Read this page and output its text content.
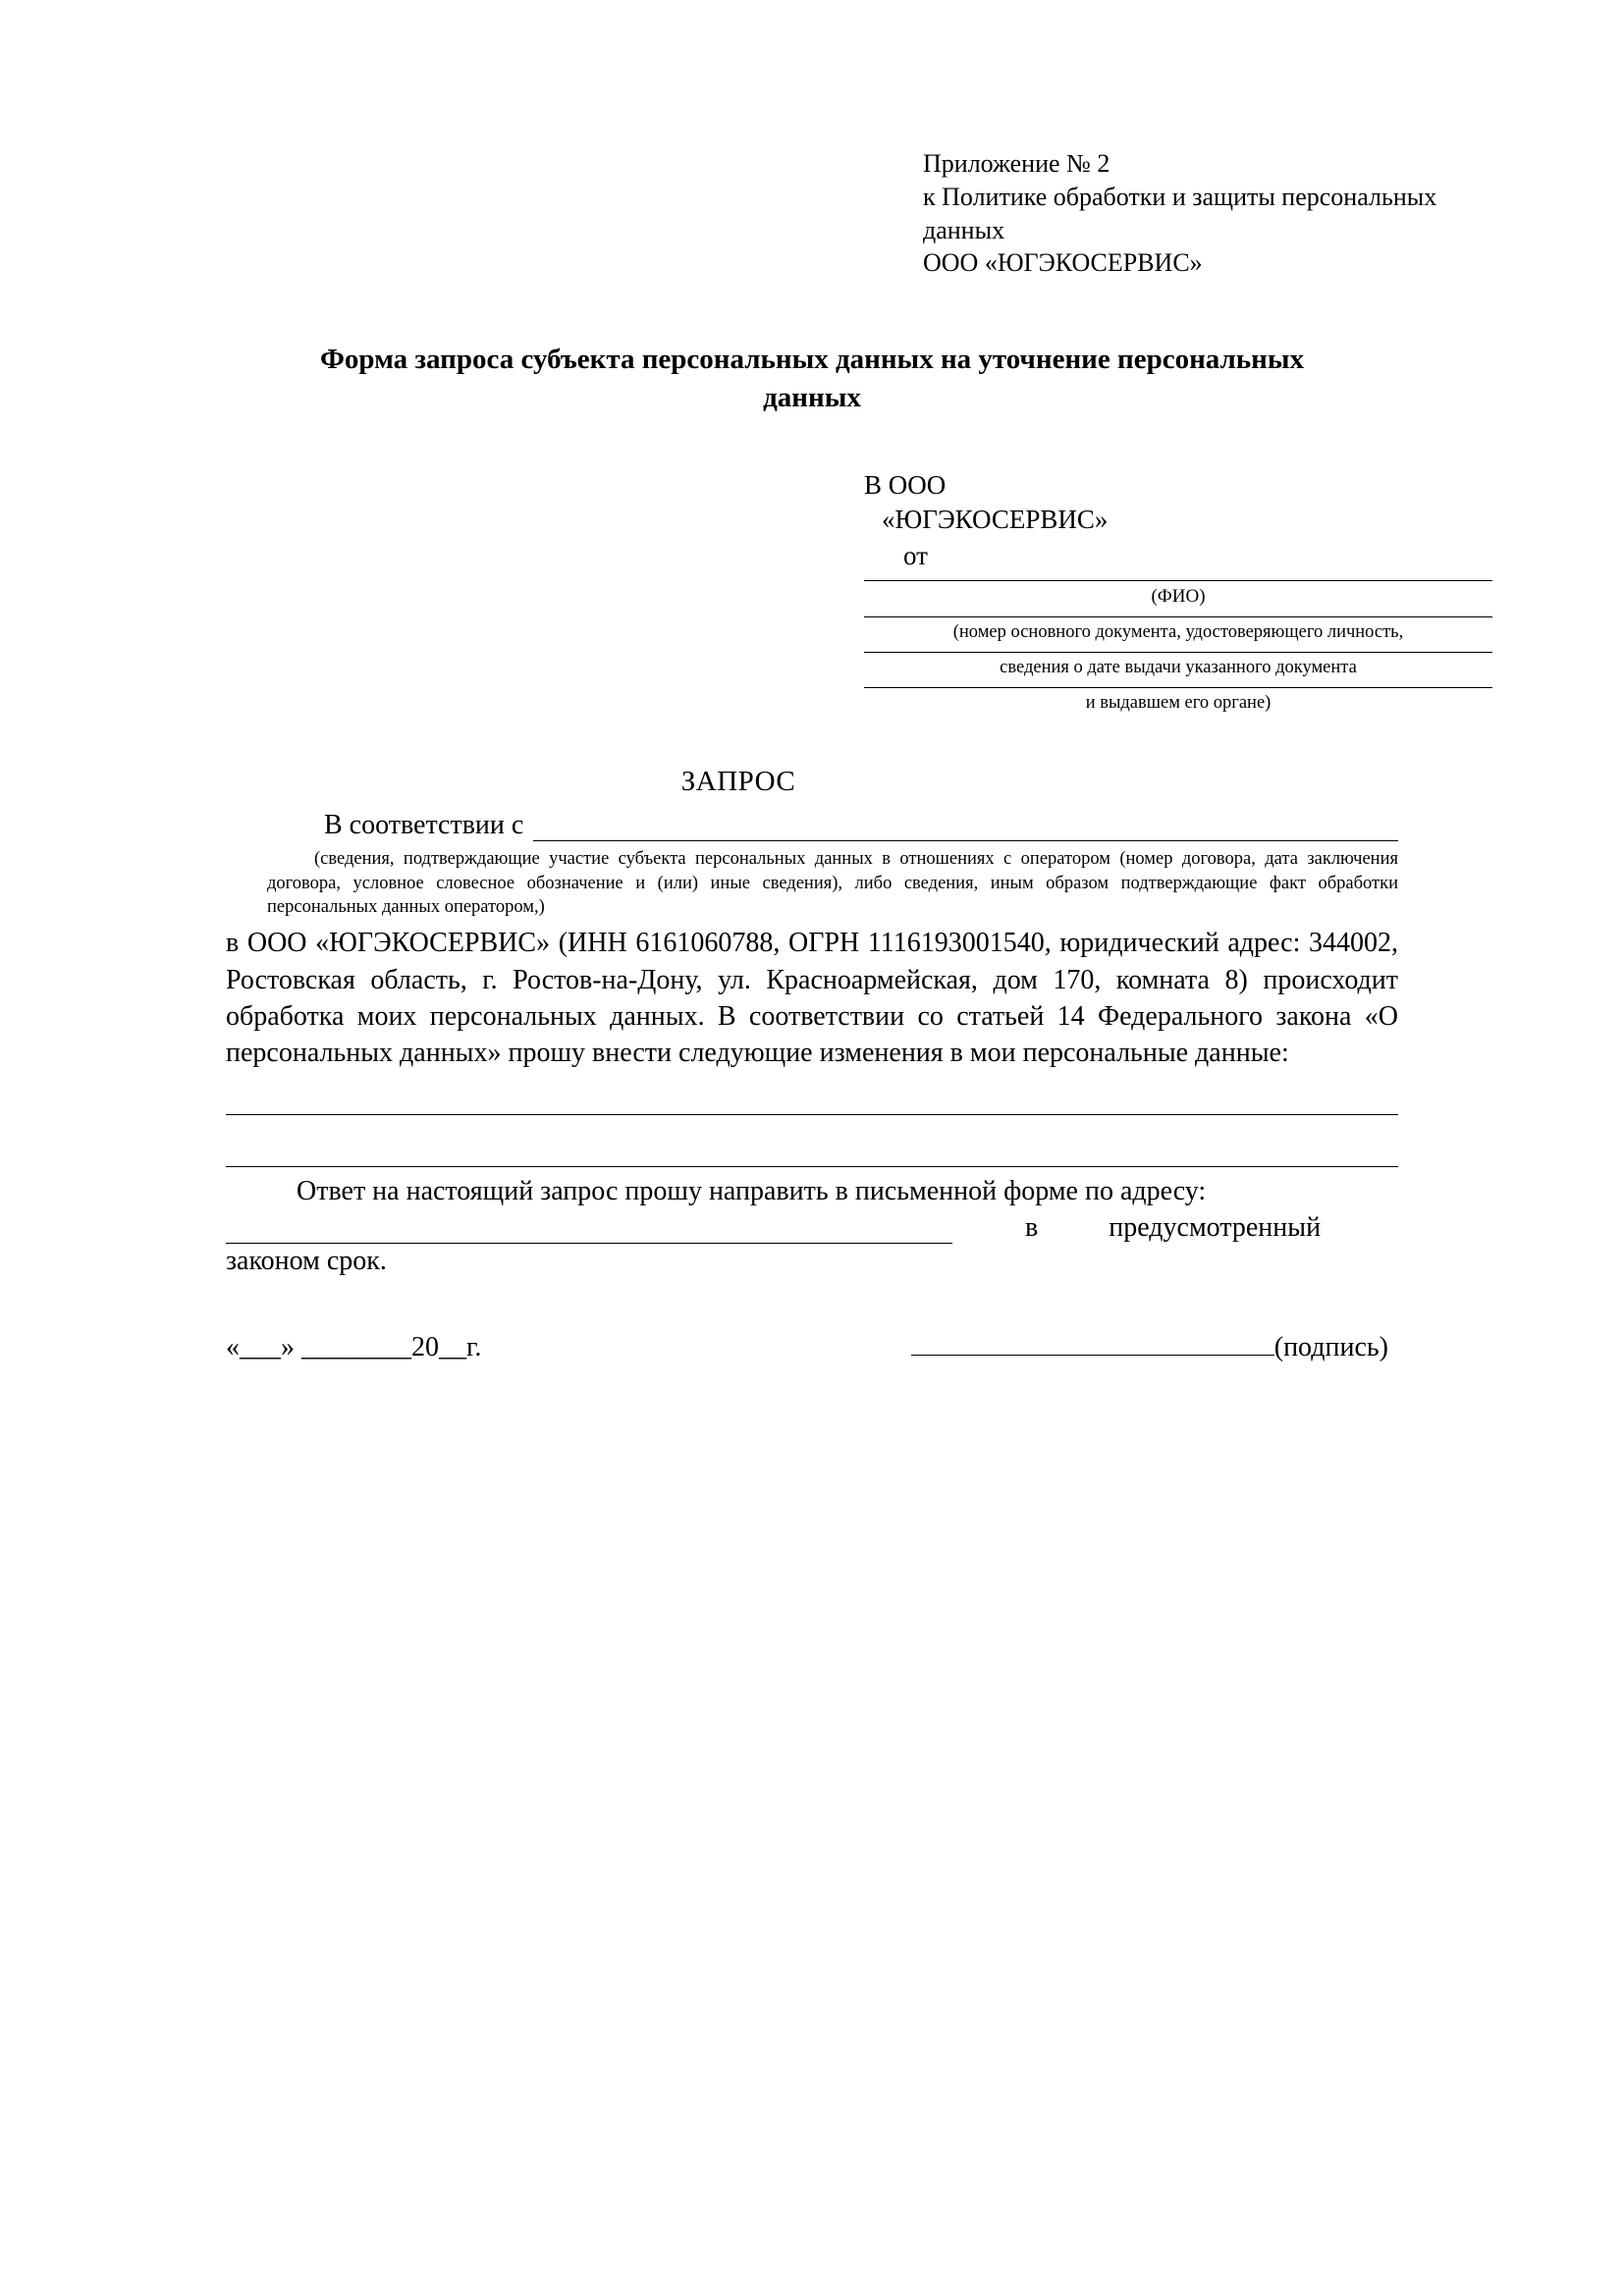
Приложение № 2
к Политике обработки и защиты персональных
данных
ООО «ЮГЭКОСЕРВИС»
Форма запроса субъекта персональных данных на уточнение персональных данных
В ООО
«ЮГЭКОСЕРВИС»
от
(ФИО)
(номер основного документа, удостоверяющего личность,
сведения о дате выдачи указанного документа
и выдавшем его органе)
ЗАПРОС
В соответствии с
(сведения, подтверждающие участие субъекта персональных данных в отношениях с оператором (номер договора, дата заключения договора, условное словесное обозначение и (или) иные сведения), либо сведения, иным образом подтверждающие факт обработки персональных данных оператором,)
в ООО «ЮГЭКОСЕРВИС» (ИНН 6161060788, ОГРН 1116193001540, юридический адрес: 344002, Ростовская область, г. Ростов-на-Дону, ул. Красноармейская, дом 170, комната 8) происходит обработка моих персональных данных. В соответствии со статьей 14 Федерального закона «О персональных данных» прошу внести следующие изменения в мои персональные данные:
Ответ на настоящий запрос прошу направить в письменной форме по адресу:
в	предусмотренный
законом срок.
«___» ________20__г.	(подпись)
